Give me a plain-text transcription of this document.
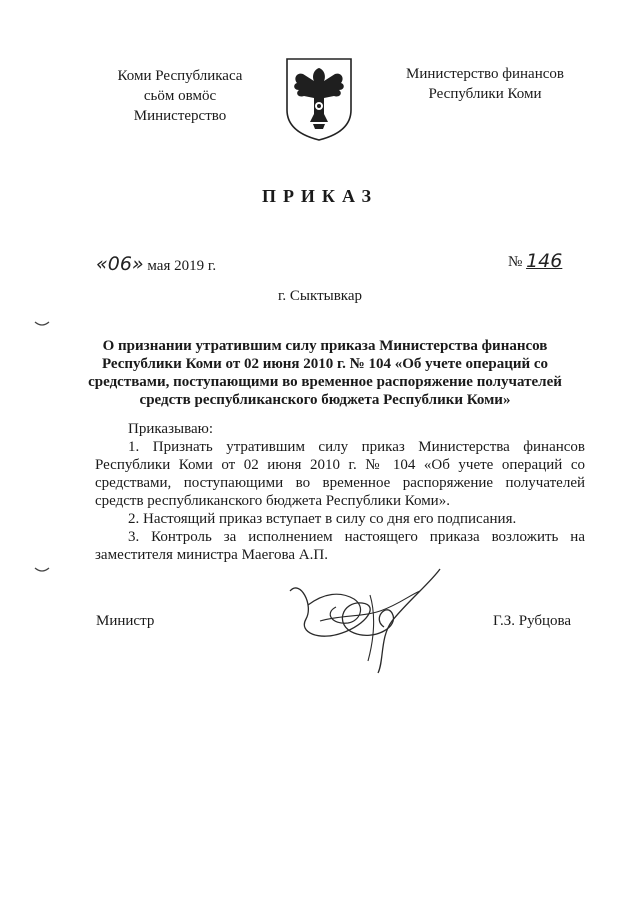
Коми Республикаса
сьӧм овмӧс
Министерство
Министерство финансов
Республики Коми
ПРИКАЗ
«06» мая 2019 г.	№ 146
г. Сыктывкар
О признании утратившим силу приказа Министерства финансов
Республики Коми от 02 июня 2010 г. № 104 «Об учете операций со
средствами, поступающими во временное распоряжение получателей
средств республиканского бюджета Республики Коми»

Приказываю:

1. Признать утратившим силу приказ Министерства финансов

Республики Коми от 02 июня 2010 г. № 104 «Об учете операций со

средствами, поступающими во временное распоряжение получателей

средств республиканского бюджета Республики Коми».

2. Настоящий приказ вступает в силу со дня его подписания.

3. Контроль за исполнением настоящего приказа возложить на

заместителя министра Маегова А.П.

Министр	Г.З. Рубцова
